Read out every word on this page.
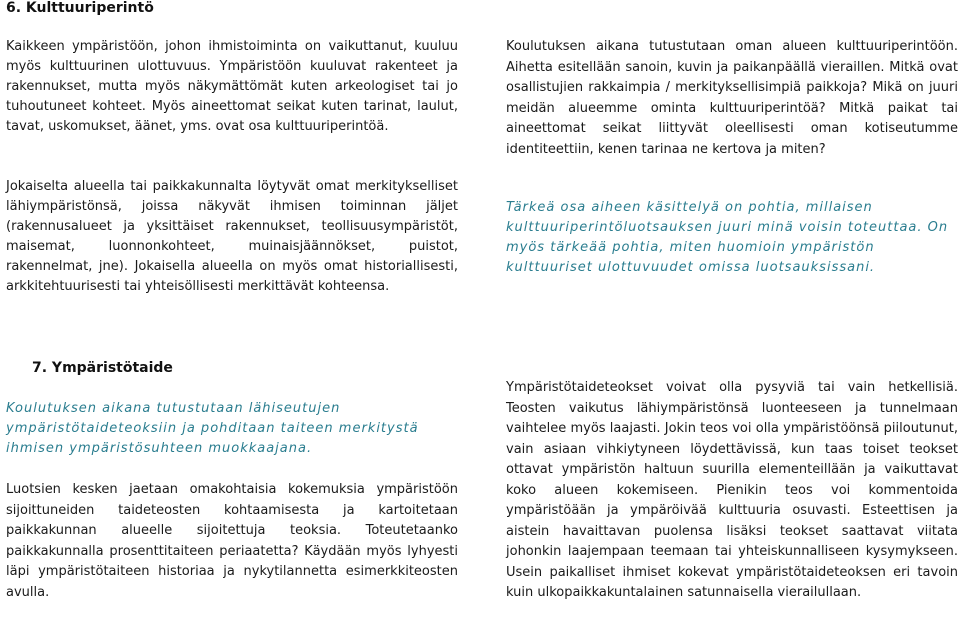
6. Kulttuuriperintö

Kaikkeen ympäristöön, johon ihmistoiminta on vaikuttanut, kuuluu myös kulttuurinen ulottuvuus. Ympäristöön kuuluvat rakenteet ja rakennukset, mutta myös näkymättömät kuten arkeologiset tai jo tuhoutuneet kohteet. Myös aineettomat seikat kuten tarinat, laulut, tavat, uskomukset, äänet, yms. ovat osa kulttuuriperintöä.

Jokaiselta alueella tai paikkakunnalta löytyvät omat merkitykselliset lähiympäristönsä, joissa näkyvät ihmisen toiminnan jäljet (rakennusalueet ja yksittäiset rakennukset, teollisuusympäristöt, maisemat, luonnonkohteet, muinaisjäännökset, puistot, rakennelmat, jne). Jokaisella alueella on myös omat historiallisesti, arkkitehtuurisesti tai yhteisöllisesti merkittävät kohteensa.

Koulutuksen aikana tutustutaan oman alueen kulttuuriperintöön. Aihetta esitellään sanoin, kuvin ja paikanpäällä vieraillen. Mitkä ovat osallistujien rakkaimpia / merkityksellisimpiä paikkoja? Mikä on juuri meidän alueemme ominta kulttuuriperintöä? Mitkä paikat tai aineettomat seikat liittyvät oleellisesti oman kotiseutumme identiteettiin, kenen tarinaa ne kertova ja miten?

Tärkeä osa aiheen käsittelyä on pohtia, millaisen kulttuuriperintöluotsauksen juuri minä voisin toteuttaa. On myös tärkeää pohtia, miten huomioin ympäristön kulttuuriset ulottuvuudet omissa luotsauksissani.

7. Ympäristötaide

Koulutuksen aikana tutustutaan lähiseutujen ympäristötaideteoksiin ja pohditaan taiteen merkitystä ihmisen ympäristösuhteen muokkaajana.

Luotsien kesken jaetaan omakohtaisia kokemuksia ympäristöön sijoittuneiden taideteosten kohtaamisesta ja kartoitetaan paikkakunnan alueelle sijoitettuja teoksia. Toteutetaanko paikkakunnalla prosenttitaiteen periaatetta? Käydään myös lyhyesti läpi ympäristötaiteen historiaa ja nykytilannetta esimerkkiteosten avulla.

Ympäristötaideteokset voivat olla pysyviä tai vain hetkellisiä. Teosten vaikutus lähiympäristönsä luonteeseen ja tunnelmaan vaihtelee myös laajasti. Jokin teos voi olla ympäristöönsä piiloutunut, vain asiaan vihkiytyneen löydettävissä, kun taas toiset teokset ottavat ympäristön haltuun suurilla elementeillään ja vaikuttavat koko alueen kokemiseen. Pienikin teos voi kommentoida ympäristöään ja ympäröivää kulttuuria osuvasti. Esteettisen ja aistein havaittavan puolensa lisäksi teokset saattavat viitata johonkin laajempaan teemaan tai yhteiskunnalliseen kysymykseen. Usein paikalliset ihmiset kokevat ympäristötaideteoksen eri tavoin kuin ulkopaikkakuntalainen satunnaisella vierailullaan.
